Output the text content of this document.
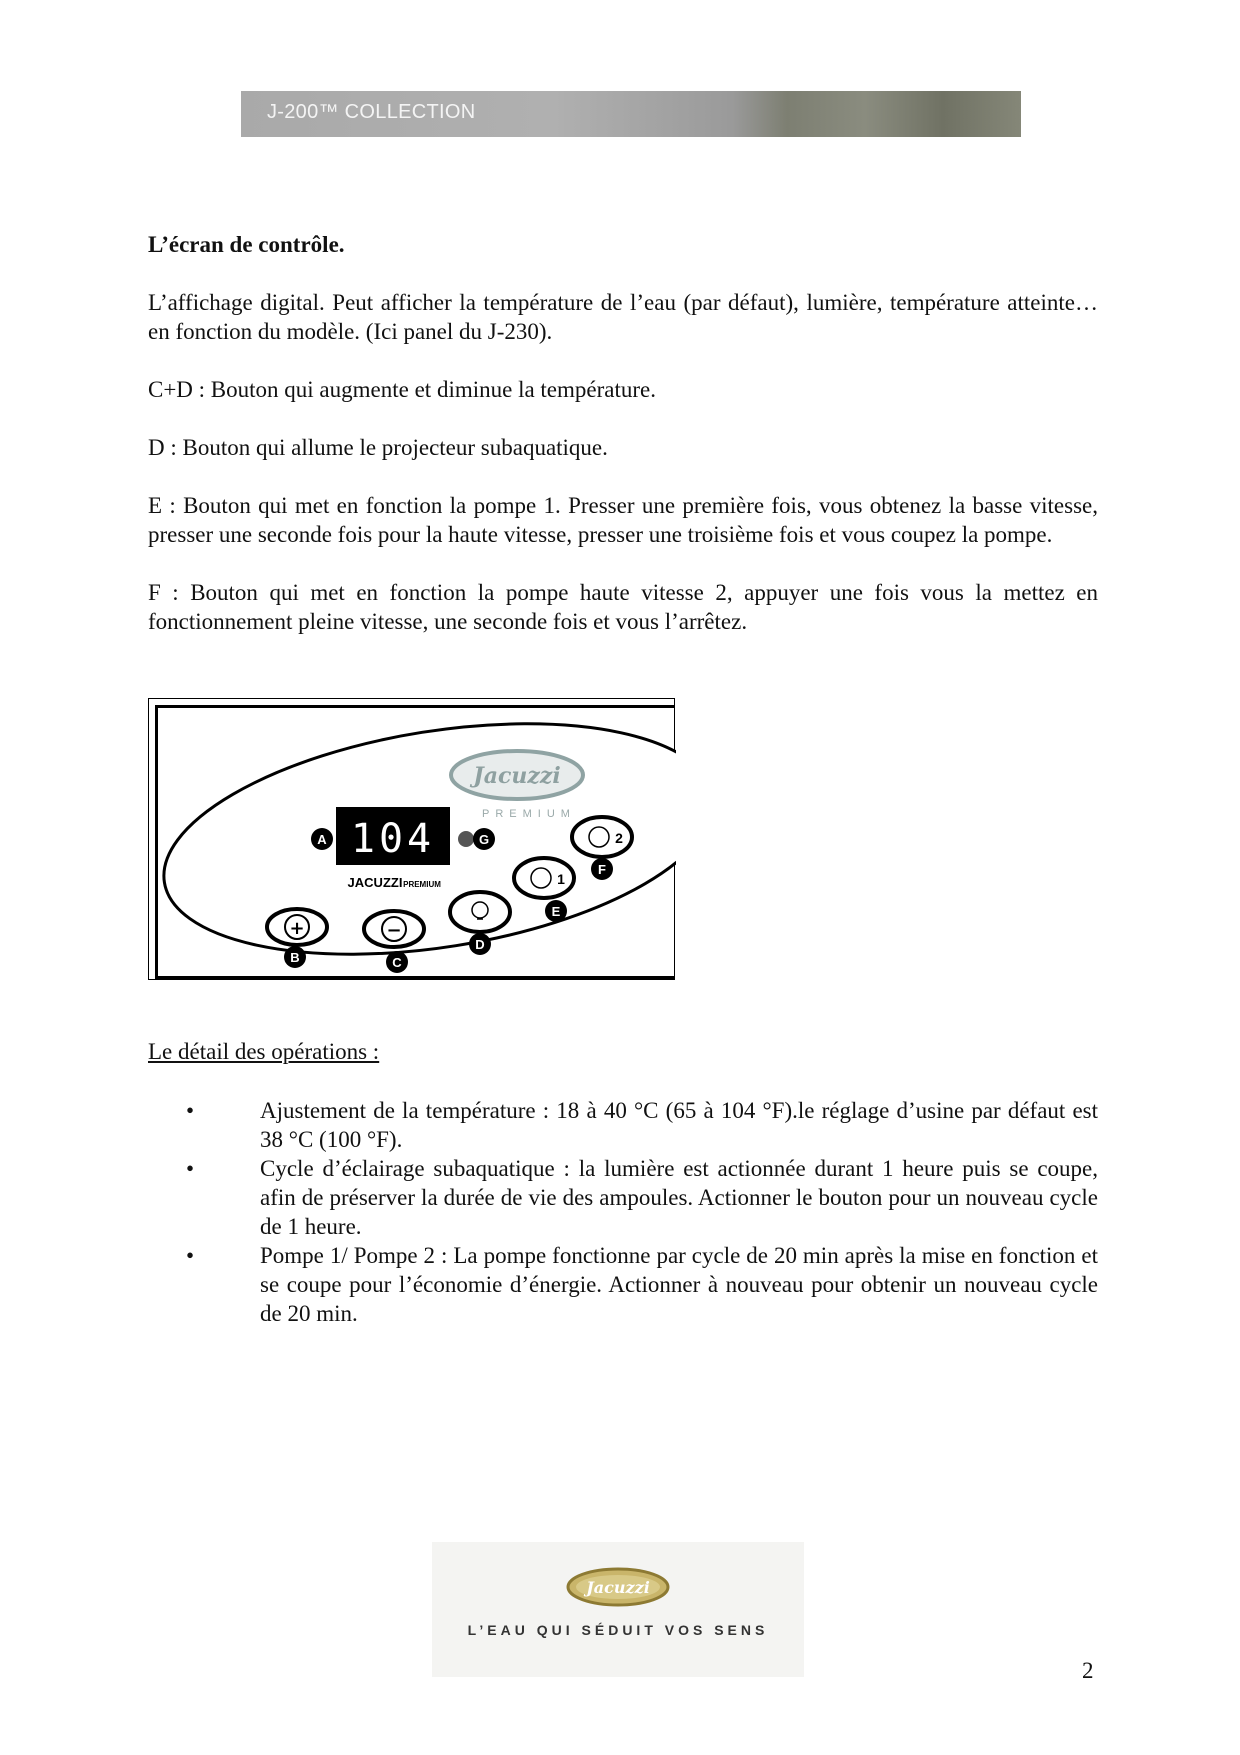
J-200™ COLLECTION
L’écran de contrôle.

L’affichage digital. Peut afficher la température de l’eau (par défaut), lumière, température atteinte… en fonction du modèle. (Ici panel du J-230).

C+D : Bouton qui augmente et diminue la température.

D : Bouton qui allume le projecteur subaquatique.

E : Bouton qui met en fonction la pompe 1. Presser une première fois, vous obtenez la basse vitesse, presser une seconde fois pour la haute vitesse, presser une troisième fois et vous coupez la pompe.

F : Bouton qui met en fonction la pompe haute vitesse 2, appuyer une fois vous la mettez en fonctionnement pleine vitesse, une seconde fois et vous l’arrêtez.

Jacuzzi
PREMIUM
104
JACUZZI PREMIUM
A	G	2
F
1
E
D
−
C
+
B
Le détail des opérations :
•	Ajustement de la température : 18 à 40 °C (65 à 104 °F).le réglage d’usine par défaut est 38 °C (100 °F).
•	Cycle d’éclairage subaquatique : la lumière est actionnée durant 1 heure puis se coupe, afin de préserver la durée de vie des ampoules. Actionner le bouton pour un nouveau cycle de 1 heure.
•	Pompe 1/ Pompe 2 : La pompe fonctionne par cycle de 20 min après la mise en fonction et se coupe pour l’économie d’énergie. Actionner à nouveau pour obtenir un nouveau cycle de 20 min.
Jacuzzi
L’EAU QUI SÉDUIT VOS SENS
2
